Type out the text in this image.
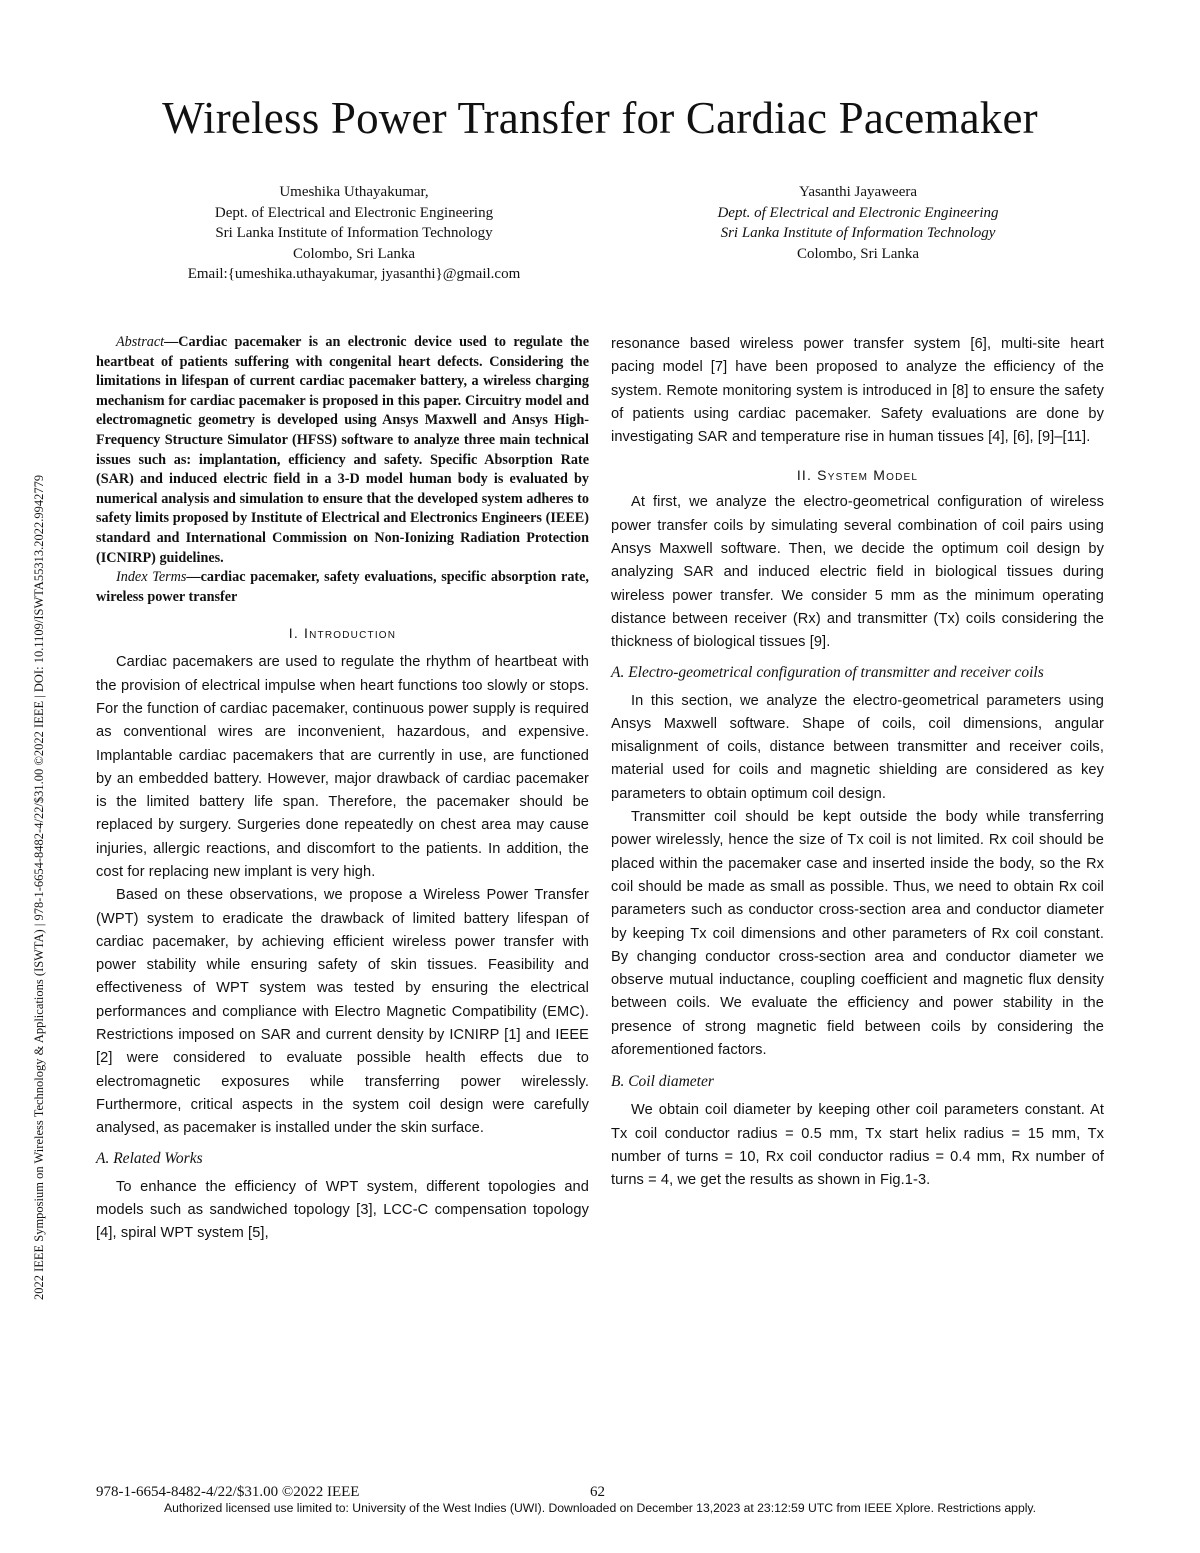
2022 IEEE Symposium on Wireless Technology & Applications (ISWTA) | 978-1-6654-8482-4/22/$31.00 ©2022 IEEE | DOI: 10.1109/ISWTA55313.2022.9942779
Wireless Power Transfer for Cardiac Pacemaker
Umeshika Uthayakumar,
Dept. of Electrical and Electronic Engineering
Sri Lanka Institute of Information Technology
Colombo, Sri Lanka
Email:{umeshika.uthayakumar, jyasanthi}@gmail.com
Yasanthi Jayaweera
Dept. of Electrical and Electronic Engineering
Sri Lanka Institute of Information Technology
Colombo, Sri Lanka

Abstract—Cardiac pacemaker is an electronic device used to regulate the heartbeat of patients suffering with congenital heart defects. Considering the limitations in lifespan of current cardiac pacemaker battery, a wireless charging mechanism for cardiac pacemaker is proposed in this paper. Circuitry model and electromagnetic geometry is developed using Ansys Maxwell and Ansys High-Frequency Structure Simulator (HFSS) software to analyze three main technical issues such as: implantation, efficiency and safety. Specific Absorption Rate (SAR) and induced electric field in a 3-D model human body is evaluated by numerical analysis and simulation to ensure that the developed system adheres to safety limits proposed by Institute of Electrical and Electronics Engineers (IEEE) standard and International Commission on Non-Ionizing Radiation Protection (ICNIRP) guidelines.

Index Terms—cardiac pacemaker, safety evaluations, specific absorption rate, wireless power transfer

I. Introduction

Cardiac pacemakers are used to regulate the rhythm of heartbeat with the provision of electrical impulse when heart functions too slowly or stops. For the function of cardiac pacemaker, continuous power supply is required as conventional wires are inconvenient, hazardous, and expensive. Implantable cardiac pacemakers that are currently in use, are functioned by an embedded battery. However, major drawback of cardiac pacemaker is the limited battery life span. Therefore, the pacemaker should be replaced by surgery. Surgeries done repeatedly on chest area may cause injuries, allergic reactions, and discomfort to the patients. In addition, the cost for replacing new implant is very high.

Based on these observations, we propose a Wireless Power Transfer (WPT) system to eradicate the drawback of limited battery lifespan of cardiac pacemaker, by achieving efficient wireless power transfer with power stability while ensuring safety of skin tissues. Feasibility and effectiveness of WPT system was tested by ensuring the electrical performances and compliance with Electro Magnetic Compatibility (EMC). Restrictions imposed on SAR and current density by ICNIRP [1] and IEEE [2] were considered to evaluate possible health effects due to electromagnetic exposures while transferring power wirelessly. Furthermore, critical aspects in the system coil design were carefully analysed, as pacemaker is installed under the skin surface.

A. Related Works

To enhance the efficiency of WPT system, different topologies and models such as sandwiched topology [3], LCC-C compensation topology [4], spiral WPT system [5],

resonance based wireless power transfer system [6], multi-site heart pacing model [7] have been proposed to analyze the efficiency of the system. Remote monitoring system is introduced in [8] to ensure the safety of patients using cardiac pacemaker. Safety evaluations are done by investigating SAR and temperature rise in human tissues [4], [6], [9]–[11].

II. System Model

At first, we analyze the electro-geometrical configuration of wireless power transfer coils by simulating several combination of coil pairs using Ansys Maxwell software. Then, we decide the optimum coil design by analyzing SAR and induced electric field in biological tissues during wireless power transfer. We consider 5 mm as the minimum operating distance between receiver (Rx) and transmitter (Tx) coils considering the thickness of biological tissues [9].

A. Electro-geometrical configuration of transmitter and receiver coils

In this section, we analyze the electro-geometrical parameters using Ansys Maxwell software. Shape of coils, coil dimensions, angular misalignment of coils, distance between transmitter and receiver coils, material used for coils and magnetic shielding are considered as key parameters to obtain optimum coil design.

Transmitter coil should be kept outside the body while transferring power wirelessly, hence the size of Tx coil is not limited. Rx coil should be placed within the pacemaker case and inserted inside the body, so the Rx coil should be made as small as possible. Thus, we need to obtain Rx coil parameters such as conductor cross-section area and conductor diameter by keeping Tx coil dimensions and other parameters of Rx coil constant. By changing conductor cross-section area and conductor diameter we observe mutual inductance, coupling coefficient and magnetic flux density between coils. We evaluate the efficiency and power stability in the presence of strong magnetic field between coils by considering the aforementioned factors.

B. Coil diameter

We obtain coil diameter by keeping other coil parameters constant. At Tx coil conductor radius = 0.5 mm, Tx start helix radius = 15 mm, Tx number of turns = 10, Rx coil conductor radius = 0.4 mm, Rx number of turns = 4, we get the results as shown in Fig.1-3.

978-1-6654-8482-4/22/$31.00 ©2022 IEEE	62
Authorized licensed use limited to: University of the West Indies (UWI). Downloaded on December 13,2023 at 23:12:59 UTC from IEEE Xplore. Restrictions apply.
